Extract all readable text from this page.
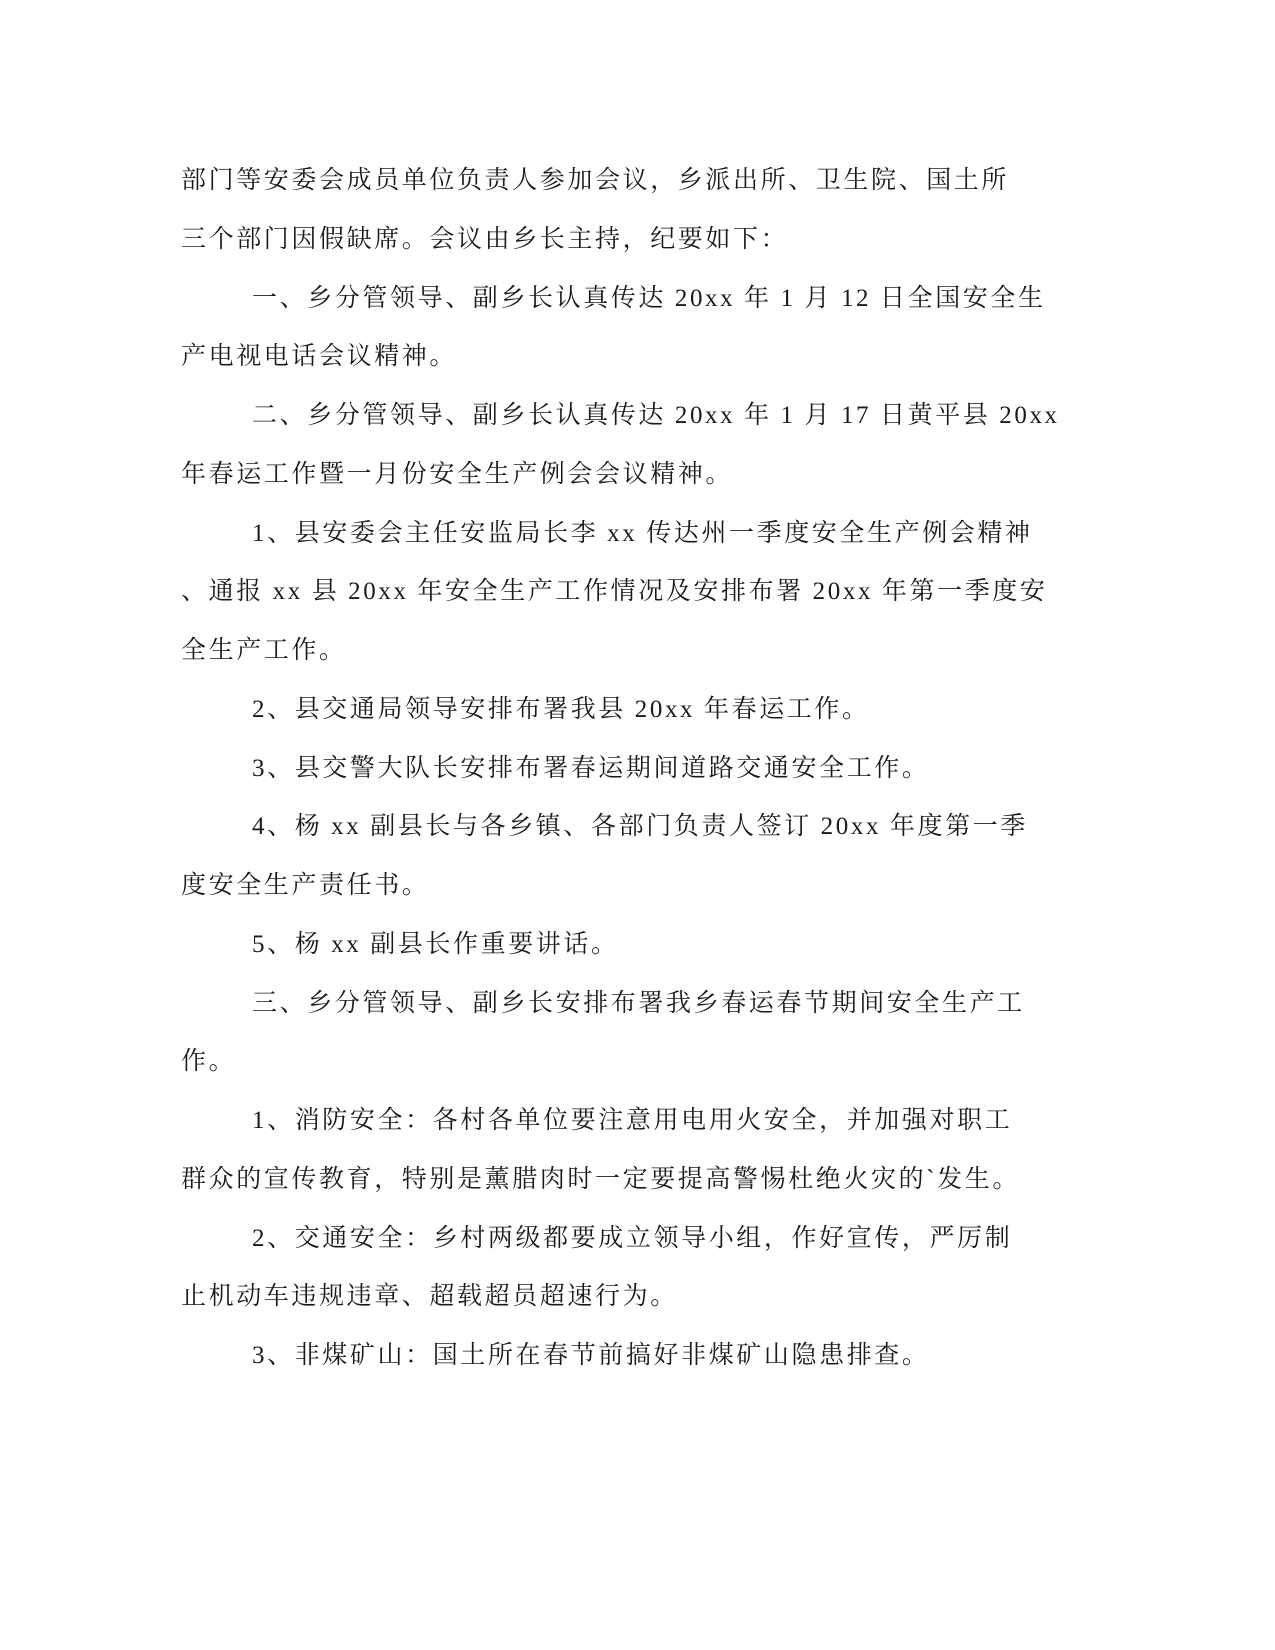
部门等安委会成员单位负责人参加会议，乡派出所、卫生院、国土所
三个部门因假缺席。会议由乡长主持，纪要如下：
一、乡分管领导、副乡长认真传达 20xx 年 1 月 12 日全国安全生
产电视电话会议精神。
二、乡分管领导、副乡长认真传达 20xx 年 1 月 17 日黄平县 20xx
年春运工作暨一月份安全生产例会会议精神。
1、县安委会主任安监局长李 xx 传达州一季度安全生产例会精神
、通报 xx 县 20xx 年安全生产工作情况及安排布署 20xx 年第一季度安
全生产工作。
2、县交通局领导安排布署我县 20xx 年春运工作。
3、县交警大队长安排布署春运期间道路交通安全工作。
4、杨 xx 副县长与各乡镇、各部门负责人签订 20xx 年度第一季
度安全生产责任书。
5、杨 xx 副县长作重要讲话。
三、乡分管领导、副乡长安排布署我乡春运春节期间安全生产工
作。
1、消防安全：各村各单位要注意用电用火安全，并加强对职工
群众的宣传教育，特别是薰腊肉时一定要提高警惕杜绝火灾的`发生。
2、交通安全：乡村两级都要成立领导小组，作好宣传，严厉制
止机动车违规违章、超载超员超速行为。
3、非煤矿山：国土所在春节前搞好非煤矿山隐患排查。
